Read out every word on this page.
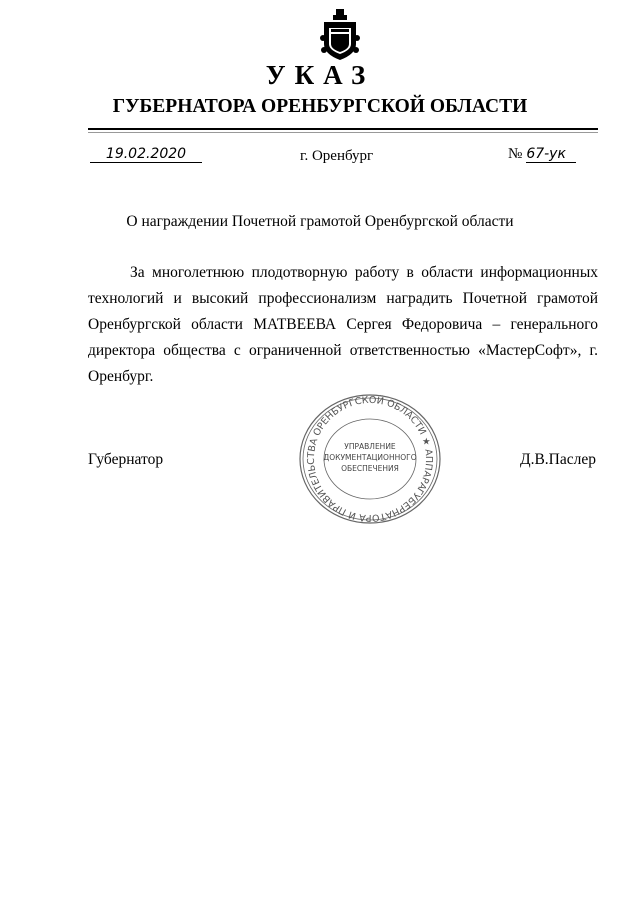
УКАЗ
ГУБЕРНАТОРА ОРЕНБУРГСКОЙ ОБЛАСТИ
19.02.2020	г. Оренбург	№ 67-ук
О награждении Почетной грамотой Оренбургской области

За многолетнюю плодотворную работу в области информационных технологий и высокий профессионализм наградить Почетной грамотой Оренбургской области МАТВЕЕВА Сергея Федоровича – генерального директора общества с ограниченной ответственностью «МастерСофт», г. Оренбург.

Губернатор	Д.В.Паслер
ГУБЕРНАТОРА И ПРАВИТЕЛЬСТВА ОРЕНБУРГСКОЙ ОБЛАСТИ ★ АППАРАТ
УПРАВЛЕНИЕ
ДОКУМЕНТАЦИОННОГО
ОБЕСПЕЧЕНИЯ
